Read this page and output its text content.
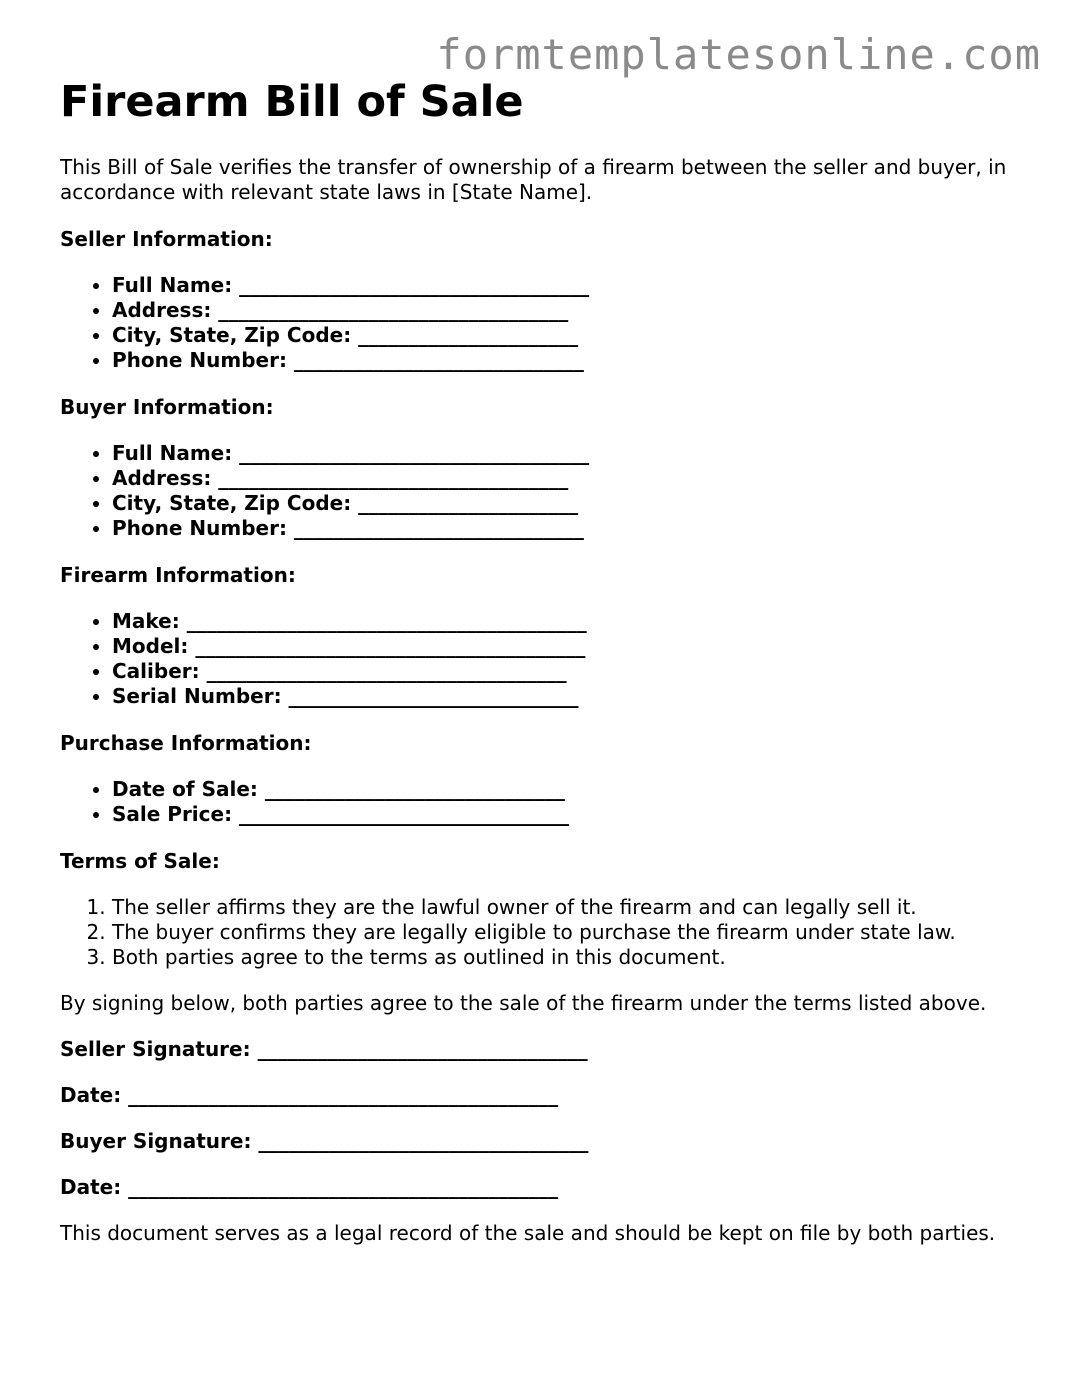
formtemplatesonline.com
Firearm Bill of Sale

This Bill of Sale verifies the transfer of ownership of a firearm between the seller and buyer, in accordance with relevant state laws in [State Name].

Seller Information:

• Full Name: ___________________________________
• Address: ___________________________________
• City, State, Zip Code: ______________________
• Phone Number: _____________________________

Buyer Information:

• Full Name: ___________________________________
• Address: ___________________________________
• City, State, Zip Code: ______________________
• Phone Number: _____________________________

Firearm Information:

• Make: ________________________________________
• Model: _______________________________________
• Caliber: ____________________________________
• Serial Number: _____________________________

Purchase Information:

• Date of Sale: ______________________________
• Sale Price: _________________________________

Terms of Sale:

1. The seller affirms they are the lawful owner of the firearm and can legally sell it.
2. The buyer confirms they are legally eligible to purchase the firearm under state law.
3. Both parties agree to the terms as outlined in this document.

By signing below, both parties agree to the sale of the firearm under the terms listed above.

Seller Signature: _________________________________

Date: ___________________________________________

Buyer Signature: _________________________________

Date: ___________________________________________

This document serves as a legal record of the sale and should be kept on file by both parties.
